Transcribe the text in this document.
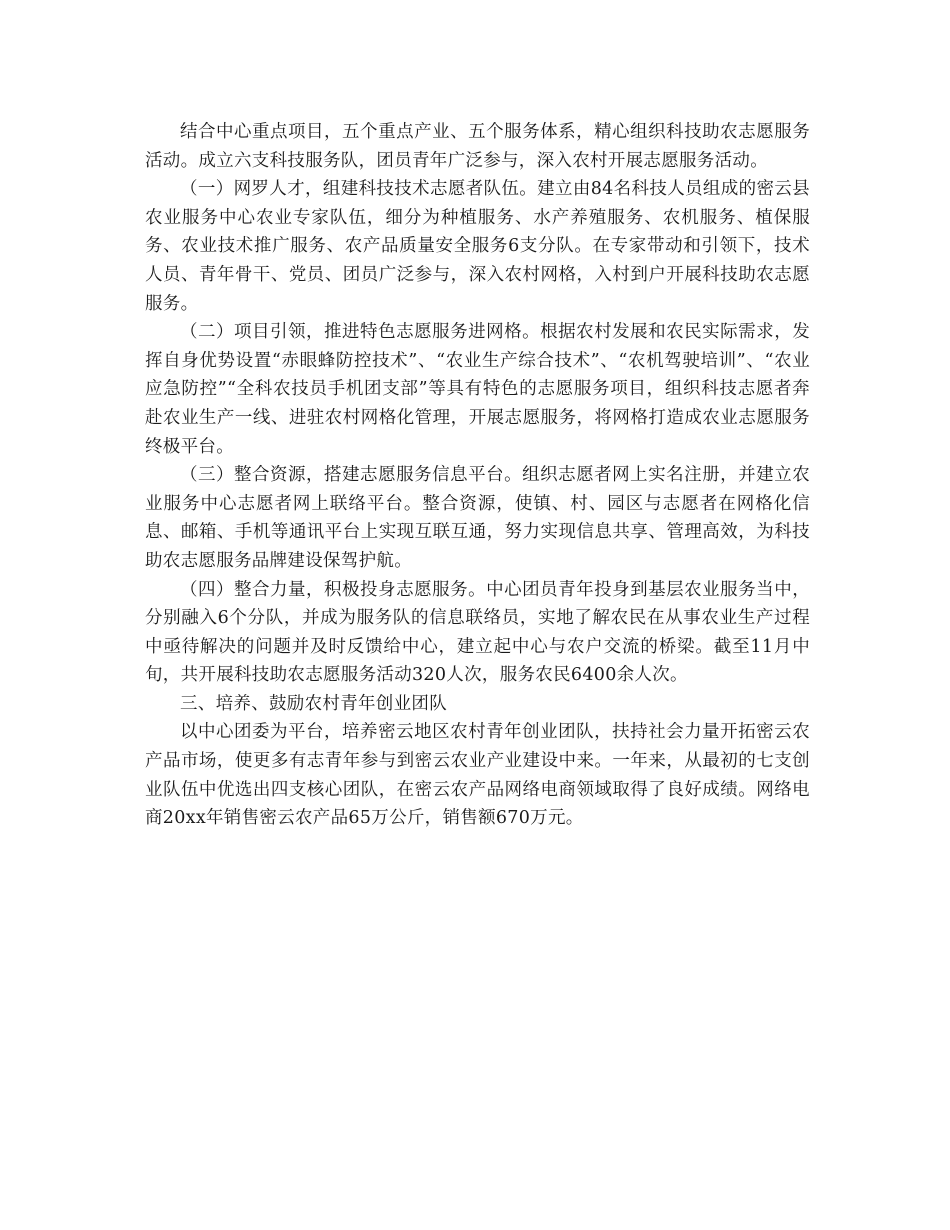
结合中心重点项目，五个重点产业、五个服务体系，精心组织科技助农志愿服务活动。成立六支科技服务队，团员青年广泛参与，深入农村开展志愿服务活动。

（一）网罗人才，组建科技技术志愿者队伍。建立由84名科技人员组成的密云县农业服务中心农业专家队伍，细分为种植服务、水产养殖服务、农机服务、植保服务、农业技术推广服务、农产品质量安全服务6支分队。在专家带动和引领下，技术人员、青年骨干、党员、团员广泛参与，深入农村网格，入村到户开展科技助农志愿服务。

（二）项目引领，推进特色志愿服务进网格。根据农村发展和农民实际需求，发挥自身优势设置“赤眼蜂防控技术”、“农业生产综合技术”、“农机驾驶培训”、“农业应急防控”“全科农技员手机团支部”等具有特色的志愿服务项目，组织科技志愿者奔赴农业生产一线、进驻农村网格化管理，开展志愿服务，将网格打造成农业志愿服务终极平台。

（三）整合资源，搭建志愿服务信息平台。组织志愿者网上实名注册，并建立农业服务中心志愿者网上联络平台。整合资源，使镇、村、园区与志愿者在网格化信息、邮箱、手机等通讯平台上实现互联互通，努力实现信息共享、管理高效，为科技助农志愿服务品牌建设保驾护航。

（四）整合力量，积极投身志愿服务。中心团员青年投身到基层农业服务当中，分别融入6个分队，并成为服务队的信息联络员，实地了解农民在从事农业生产过程中亟待解决的问题并及时反馈给中心，建立起中心与农户交流的桥梁。截至11月中旬，共开展科技助农志愿服务活动320人次，服务农民6400余人次。

三、培养、鼓励农村青年创业团队

以中心团委为平台，培养密云地区农村青年创业团队，扶持社会力量开拓密云农产品市场，使更多有志青年参与到密云农业产业建设中来。一年来，从最初的七支创业队伍中优选出四支核心团队，在密云农产品网络电商领域取得了良好成绩。网络电商20xx年销售密云农产品65万公斤，销售额670万元。
